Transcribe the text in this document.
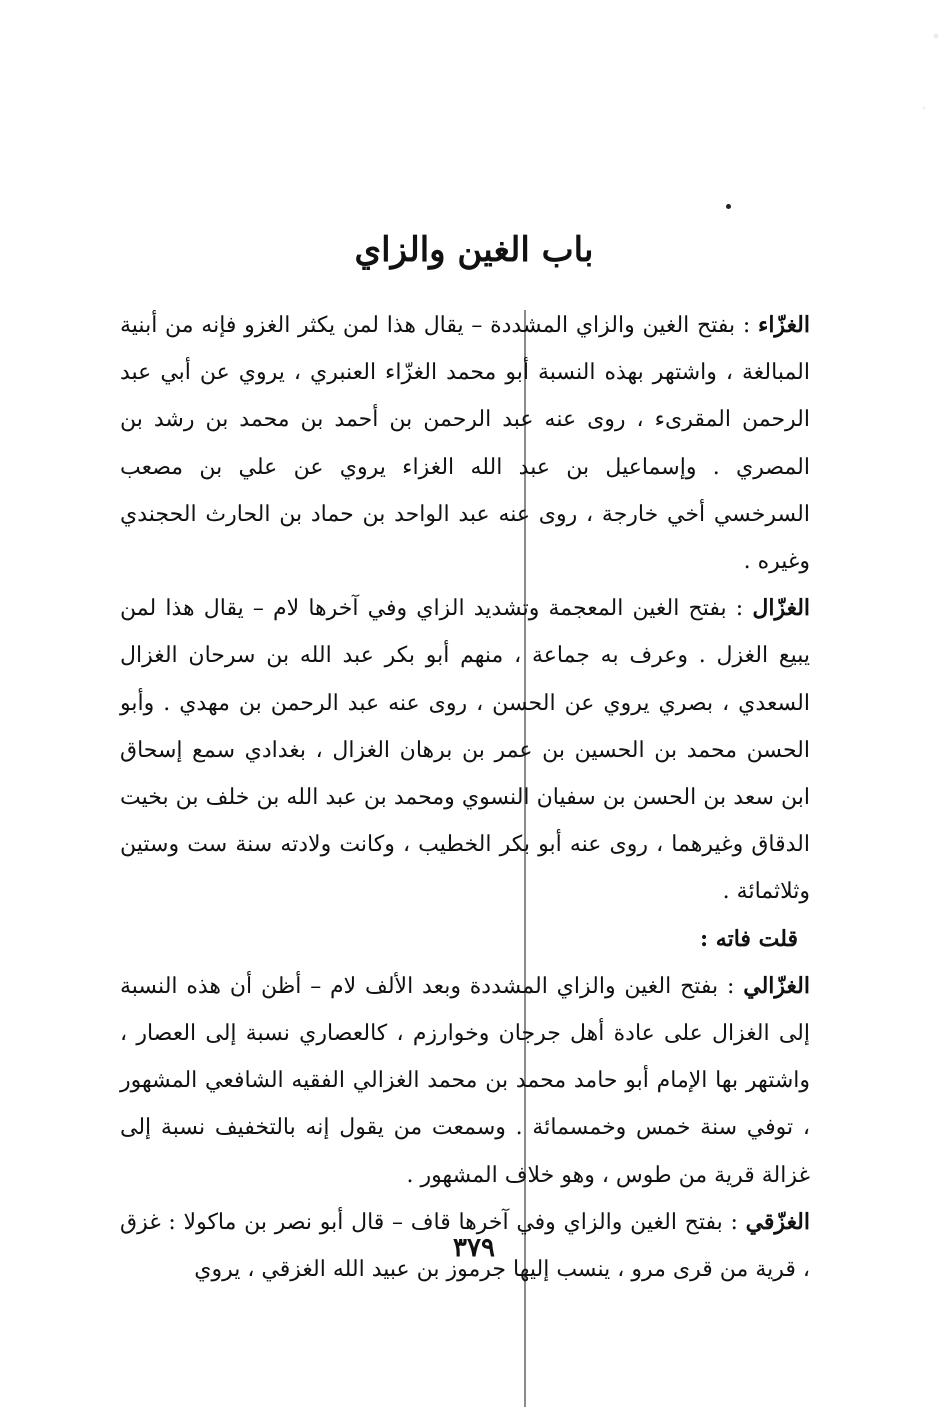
باب الغين والزاي

الغزّاء : بفتح الغين والزاي المشددة – يقال هذا لمن يكثر الغزو فإنه من أبنية المبالغة ، واشتهر بهذه النسبة أبو محمد الغزّاء العنبري ، يروي عن أبي عبد الرحمن المقرىء ، روى عنه عبد الرحمن بن أحمد بن محمد بن رشد بن المصري . وإسماعيل بن عبد الله الغزاء يروي عن علي بن مصعب السرخسي أخي خارجة ، روى عنه عبد الواحد بن حماد بن الحارث الحجندي وغيره .

الغزّال : بفتح الغين المعجمة وتشديد الزاي وفي آخرها لام – يقال هذا لمن يبيع الغزل . وعرف به جماعة ، منهم أبو بكر عبد الله بن سرحان الغزال السعدي ، بصري يروي عن الحسن ، روى عنه عبد الرحمن بن مهدي . وأبو الحسن محمد بن الحسين بن عمر بن برهان الغزال ، بغدادي سمع إسحاق ابن سعد بن الحسن بن سفيان النسوي ومحمد بن عبد الله بن خلف بن بخيت الدقاق وغيرهما ، روى عنه أبو بكر الخطيب ، وكانت ولادته سنة ست وستين وثلاثمائة .

قلت فاته :

الغزّالي : بفتح الغين والزاي المشددة وبعد الألف لام – أظن أن هذه النسبة إلى الغزال على عادة أهل جرجان وخوارزم ، كالعصاري نسبة إلى العصار ، واشتهر بها الإمام أبو حامد محمد بن محمد الغزالي الفقيه الشافعي المشهور ، توفي سنة خمس وخمسمائة . وسمعت من يقول إنه بالتخفيف نسبة إلى غزالة قرية من طوس ، وهو خلاف المشهور .

الغزّقي : بفتح الغين والزاي وفي آخرها قاف – قال أبو نصر بن ماكولا : غزق ، قرية من قرى مرو ، ينسب إليها جرموز بن عبيد الله الغزقي ، يروي

٣٧٩
